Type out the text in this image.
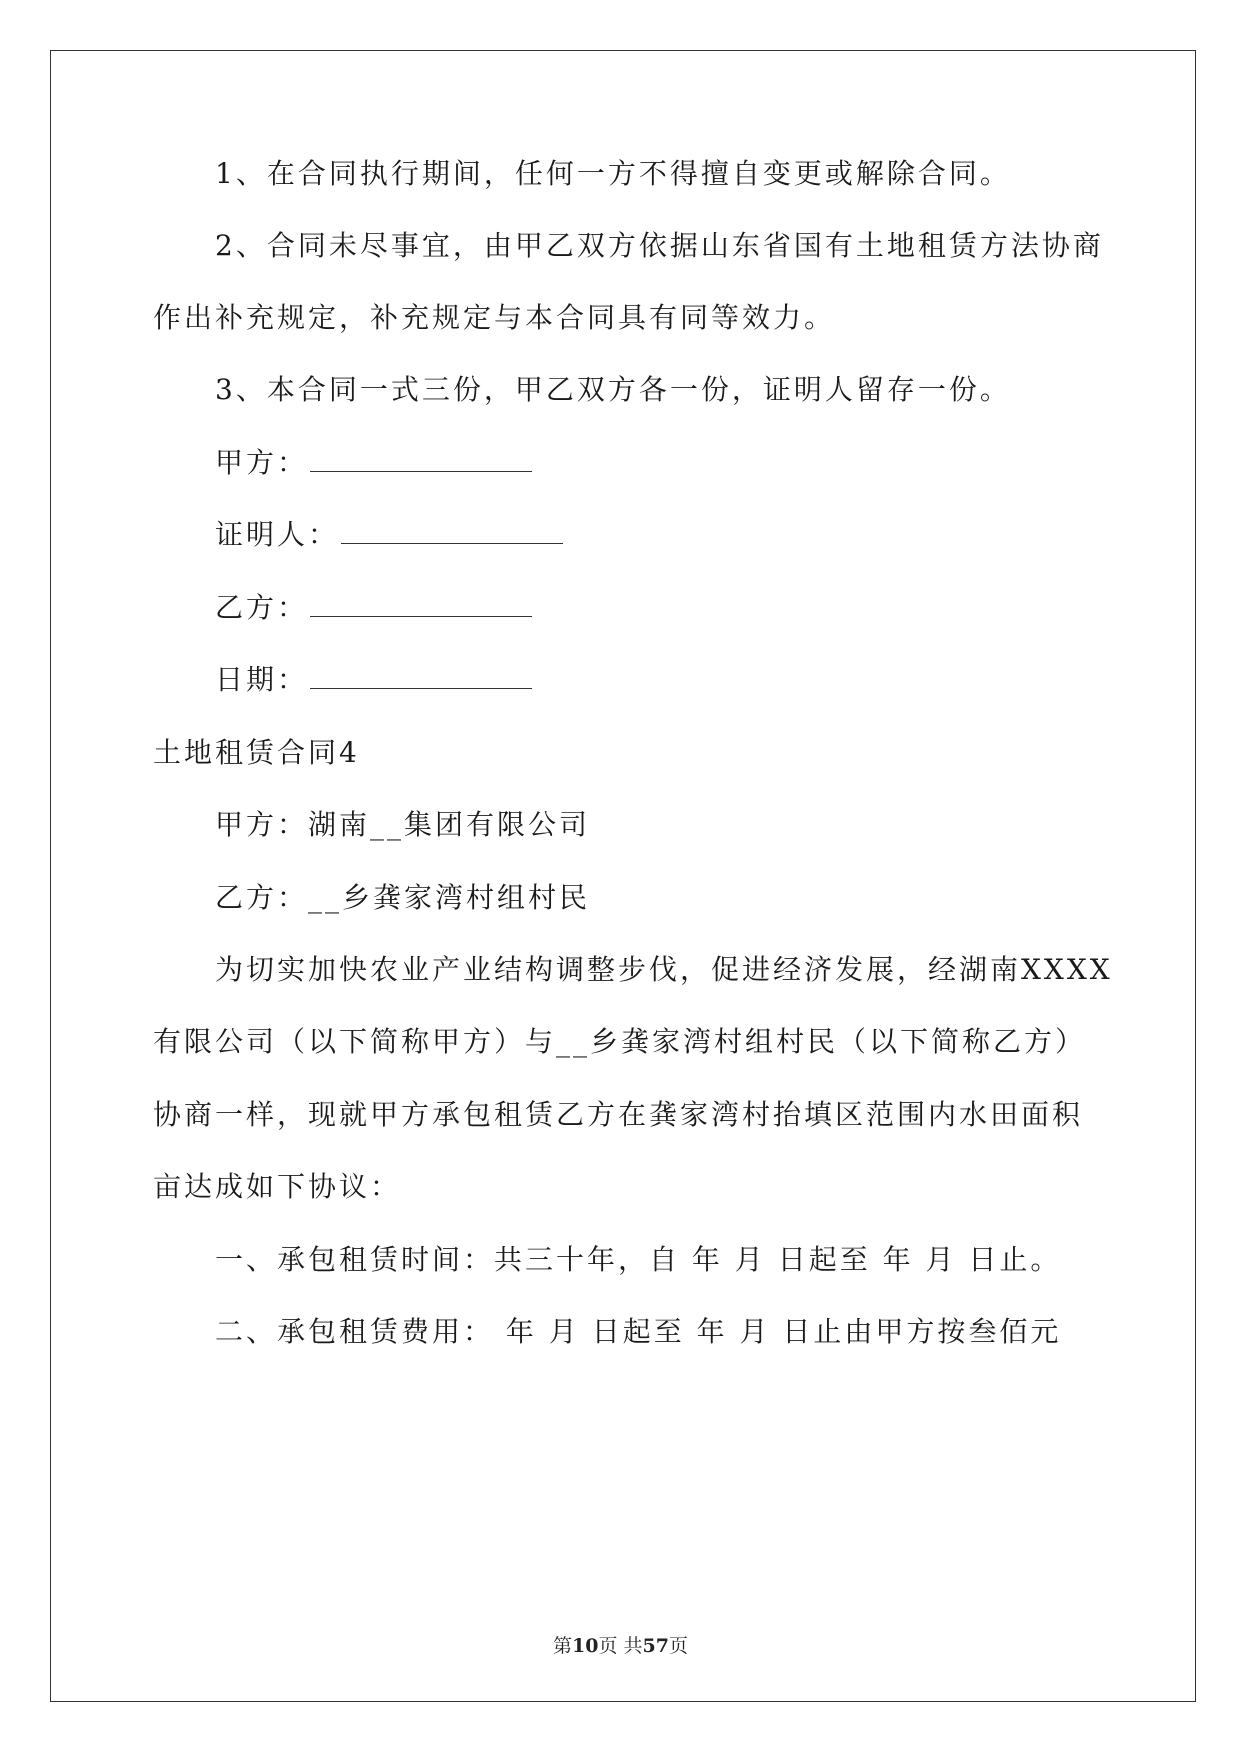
1、在合同执行期间，任何一方不得擅自变更或解除合同。
2、合同未尽事宜，由甲乙双方依据山东省国有土地租赁方法协商
作出补充规定，补充规定与本合同具有同等效力。
3、本合同一式三份，甲乙双方各一份，证明人留存一份。
甲方：
证明人：
乙方：
日期：
土地租赁合同4
甲方：湖南__集团有限公司
乙方：__乡龚家湾村组村民
为切实加快农业产业结构调整步伐，促进经济发展，经湖南XXXX
有限公司（以下简称甲方）与__乡龚家湾村组村民（以下简称乙方）
协商一样，现就甲方承包租赁乙方在龚家湾村抬填区范围内水田面积
亩达成如下协议：
一、承包租赁时间：共三十年，自 年 月 日起至 年 月 日止。
二、承包租赁费用： 年 月 日起至 年 月 日止由甲方按叁佰元
第10页 共57页
